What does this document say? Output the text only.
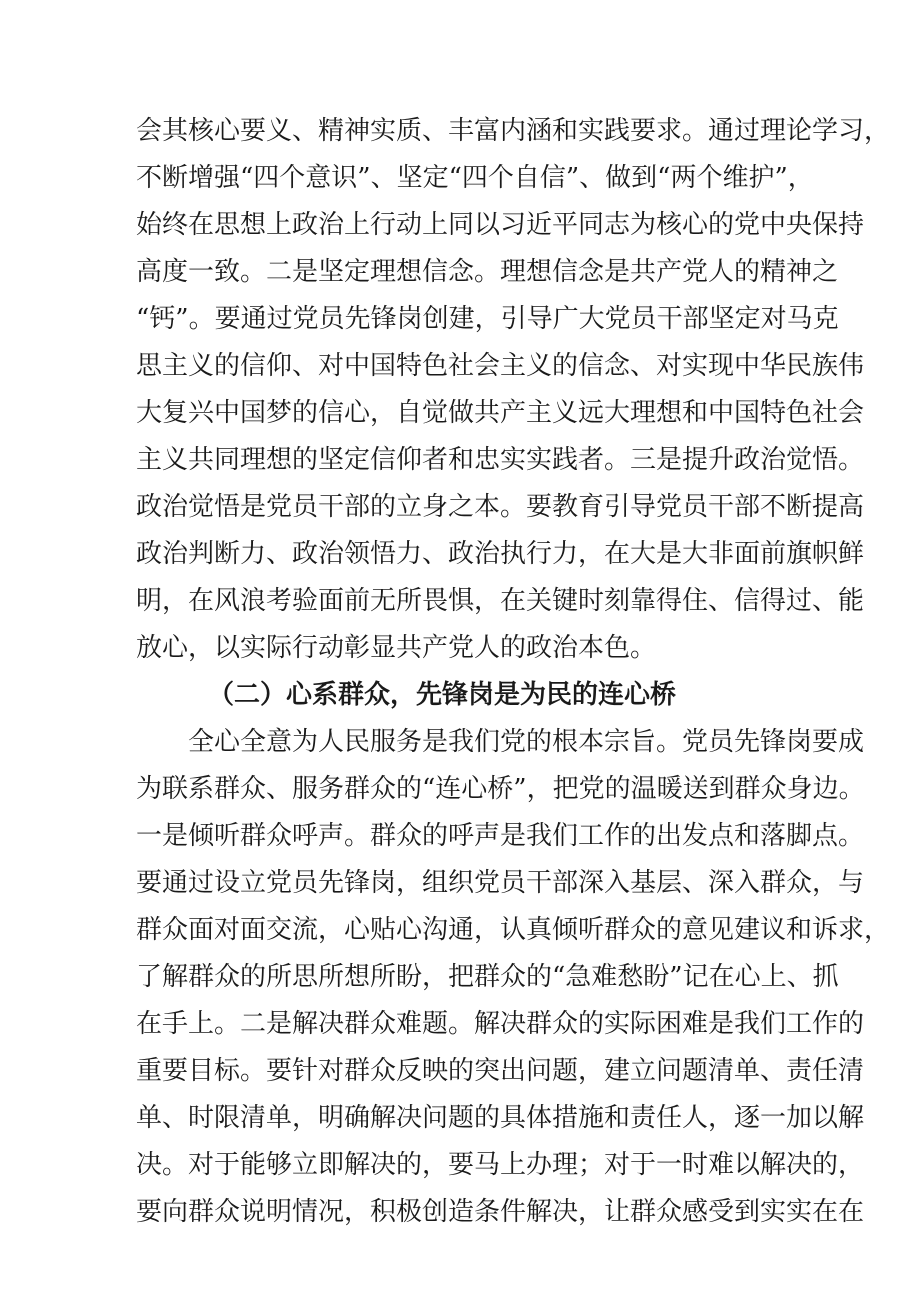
会其核心要义、精神实质、丰富内涵和实践要求。通过理论学习，
不断增强“四个意识”、坚定“四个自信”、做到“两个维护”，
始终在思想上政治上行动上同以习近平同志为核心的党中央保持
高度一致。二是坚定理想信念。理想信念是共产党人的精神之
“钙”。要通过党员先锋岗创建，引导广大党员干部坚定对马克
思主义的信仰、对中国特色社会主义的信念、对实现中华民族伟
大复兴中国梦的信心，自觉做共产主义远大理想和中国特色社会
主义共同理想的坚定信仰者和忠实实践者。三是提升政治觉悟。
政治觉悟是党员干部的立身之本。要教育引导党员干部不断提高
政治判断力、政治领悟力、政治执行力，在大是大非面前旗帜鲜
明，在风浪考验面前无所畏惧，在关键时刻靠得住、信得过、能
放心，以实际行动彰显共产党人的政治本色。
（二）心系群众，先锋岗是为民的连心桥
全心全意为人民服务是我们党的根本宗旨。党员先锋岗要成
为联系群众、服务群众的“连心桥”，把党的温暖送到群众身边。
一是倾听群众呼声。群众的呼声是我们工作的出发点和落脚点。
要通过设立党员先锋岗，组织党员干部深入基层、深入群众，与
群众面对面交流，心贴心沟通，认真倾听群众的意见建议和诉求，
了解群众的所思所想所盼，把群众的“急难愁盼”记在心上、抓
在手上。二是解决群众难题。解决群众的实际困难是我们工作的
重要目标。要针对群众反映的突出问题，建立问题清单、责任清
单、时限清单，明确解决问题的具体措施和责任人，逐一加以解
决。对于能够立即解决的，要马上办理；对于一时难以解决的，
要向群众说明情况，积极创造条件解决，让群众感受到实实在在
